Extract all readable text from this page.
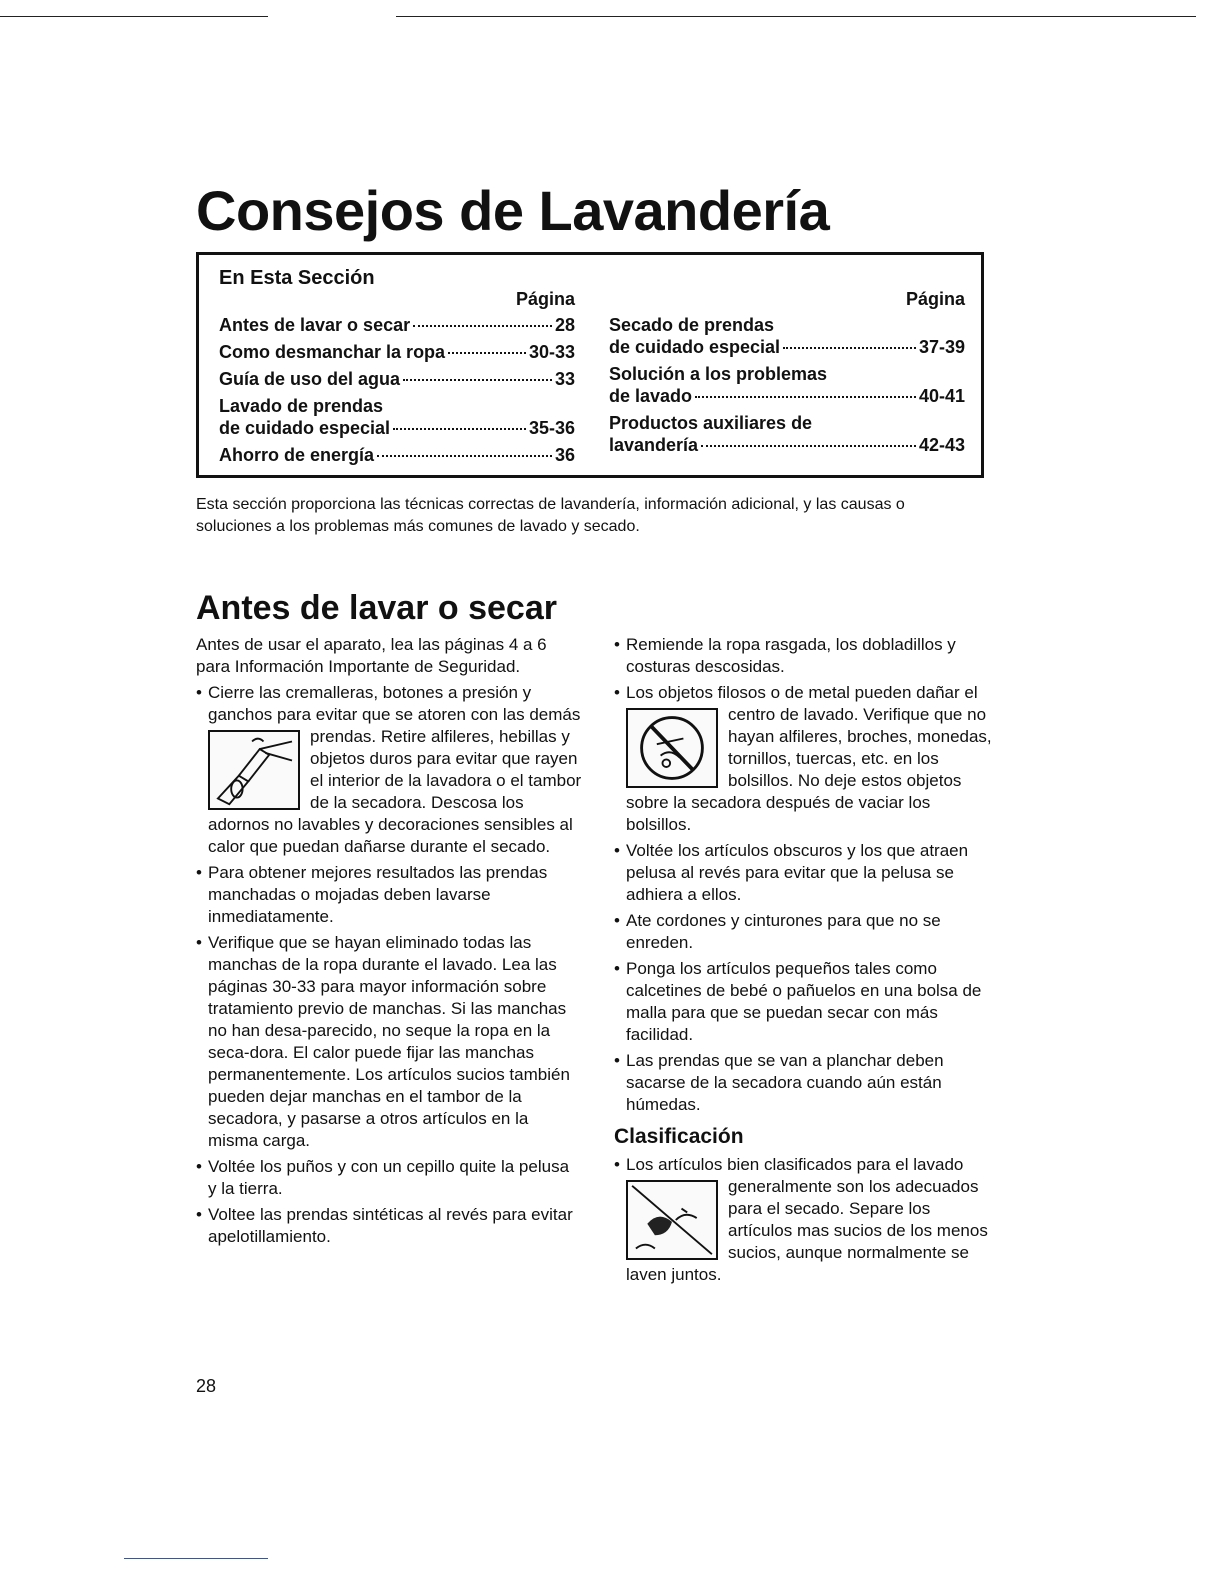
Consejos de Lavandería
En Esta Sección
Página
Antes de lavar o secar	28
Como desmanchar la ropa	30-33
Guía de uso del agua	33
Lavado de prendas
de cuidado especial	35-36
Ahorro de energía	36
Página
Secado de prendas
de cuidado especial	37-39
Solución a los problemas
de lavado	40-41
Productos auxiliares de
lavandería	42-43

Esta sección proporciona las técnicas correctas de lavandería, información adicional, y las causas o soluciones a los problemas más comunes de lavado y secado.

Antes de lavar o secar

Antes de usar el aparato, lea las páginas 4 a 6 para Información Importante de Seguridad.

• Cierre las cremalleras, botones a presión y ganchos para evitar que se atoren con las demás prendas. Retire alfileres, hebillas y objetos duros para evitar que rayen el interior de la lavadora o el tambor de la secadora. Descosa los adornos no lavables y decoraciones sensibles al calor que puedan dañarse durante el secado.
• Para obtener mejores resultados las prendas manchadas o mojadas deben lavarse inmediatamente.
• Verifique que se hayan eliminado todas las manchas de la ropa durante el lavado. Lea las páginas 30-33 para mayor información sobre tratamiento previo de manchas. Si las manchas no han desa-parecido, no seque la ropa en la seca-dora. El calor puede fijar las manchas permanentemente. Los artículos sucios también pueden dejar manchas en el tambor de la secadora, y pasarse a otros artículos en la misma carga.
• Voltée los puños y con un cepillo quite la pelusa y la tierra.
• Voltee las prendas sintéticas al revés para evitar apelotillamiento.
• Remiende la ropa rasgada, los dobladillos y costuras descosidas.
• Los objetos filosos o de metal pueden dañar el centro de lavado. Verifique que no hayan alfileres, broches, monedas, tornillos, tuercas, etc. en los bolsillos. No deje estos objetos sobre la secadora después de vaciar los bolsillos.
• Voltée los artículos obscuros y los que atraen pelusa al revés para evitar que la pelusa se adhiera a ellos.
• Ate cordones y cinturones para que no se enreden.
• Ponga los artículos pequeños tales como calcetines de bebé o pañuelos en una bolsa de malla para que se puedan secar con más facilidad.
• Las prendas que se van a planchar deben sacarse de la secadora cuando aún están húmedas.
Clasificación
• Los artículos bien clasificados para el lavado generalmente son los adecuados para el secado. Separe los artículos mas sucios de los menos sucios, aunque normalmente se laven juntos.
28
